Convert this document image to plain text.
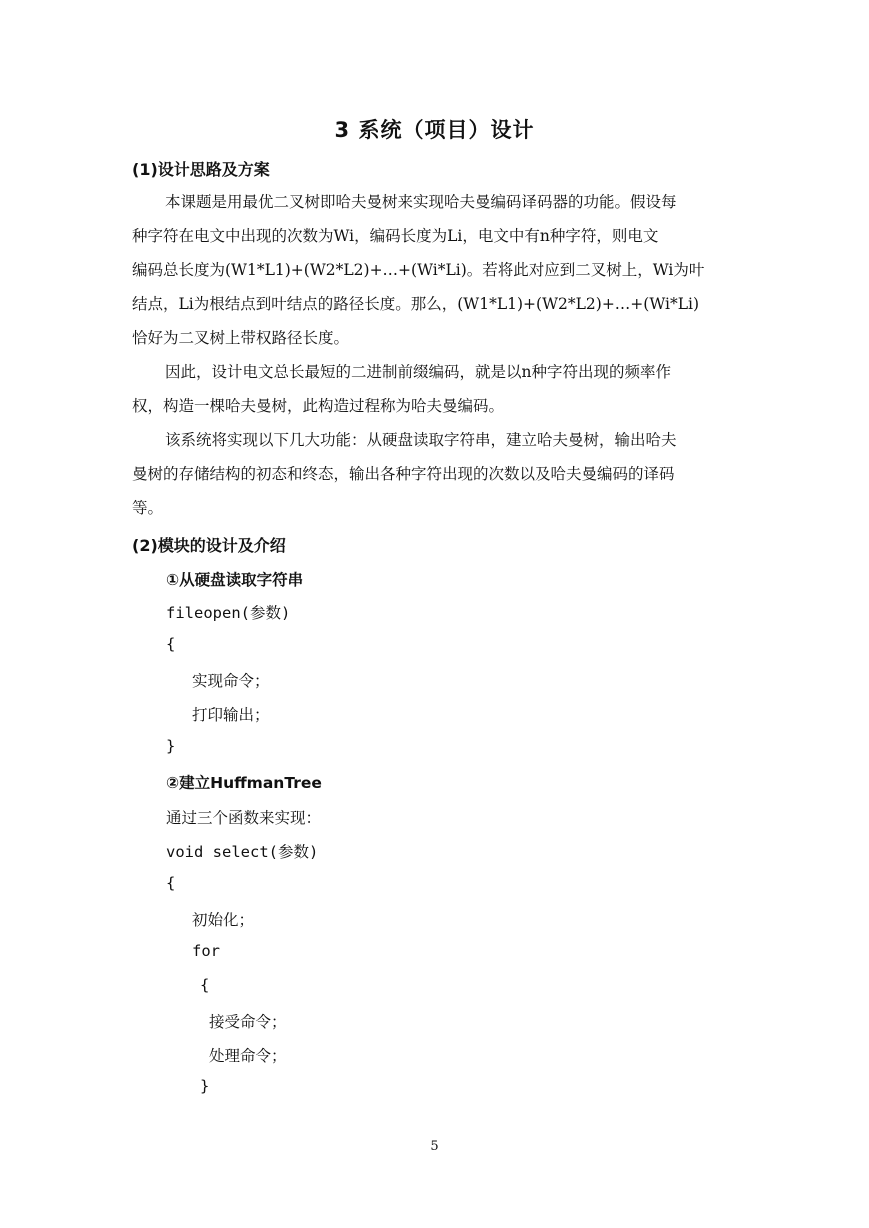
3 系统（项目）设计
(1)设计思路及方案
本课题是用最优二叉树即哈夫曼树来实现哈夫曼编码译码器的功能。假设每
种字符在电文中出现的次数为Wi，编码长度为Li，电文中有n种字符，则电文
编码总长度为(W1*L1)+(W2*L2)+…+(Wi*Li)。若将此对应到二叉树上，Wi为叶
结点，Li为根结点到叶结点的路径长度。那么，(W1*L1)+(W2*L2)+…+(Wi*Li)
恰好为二叉树上带权路径长度。
因此，设计电文总长最短的二进制前缀编码，就是以n种字符出现的频率作
权，构造一棵哈夫曼树，此构造过程称为哈夫曼编码。
该系统将实现以下几大功能：从硬盘读取字符串，建立哈夫曼树，输出哈夫
曼树的存储结构的初态和终态，输出各种字符出现的次数以及哈夫曼编码的译码
等。
(2)模块的设计及介绍
①从硬盘读取字符串
fileopen(参数)
{
实现命令；
打印输出；
}
②建立HuffmanTree
通过三个函数来实现：
void select(参数)
{
初始化；
for
{
接受命令；
处理命令；
}
5
